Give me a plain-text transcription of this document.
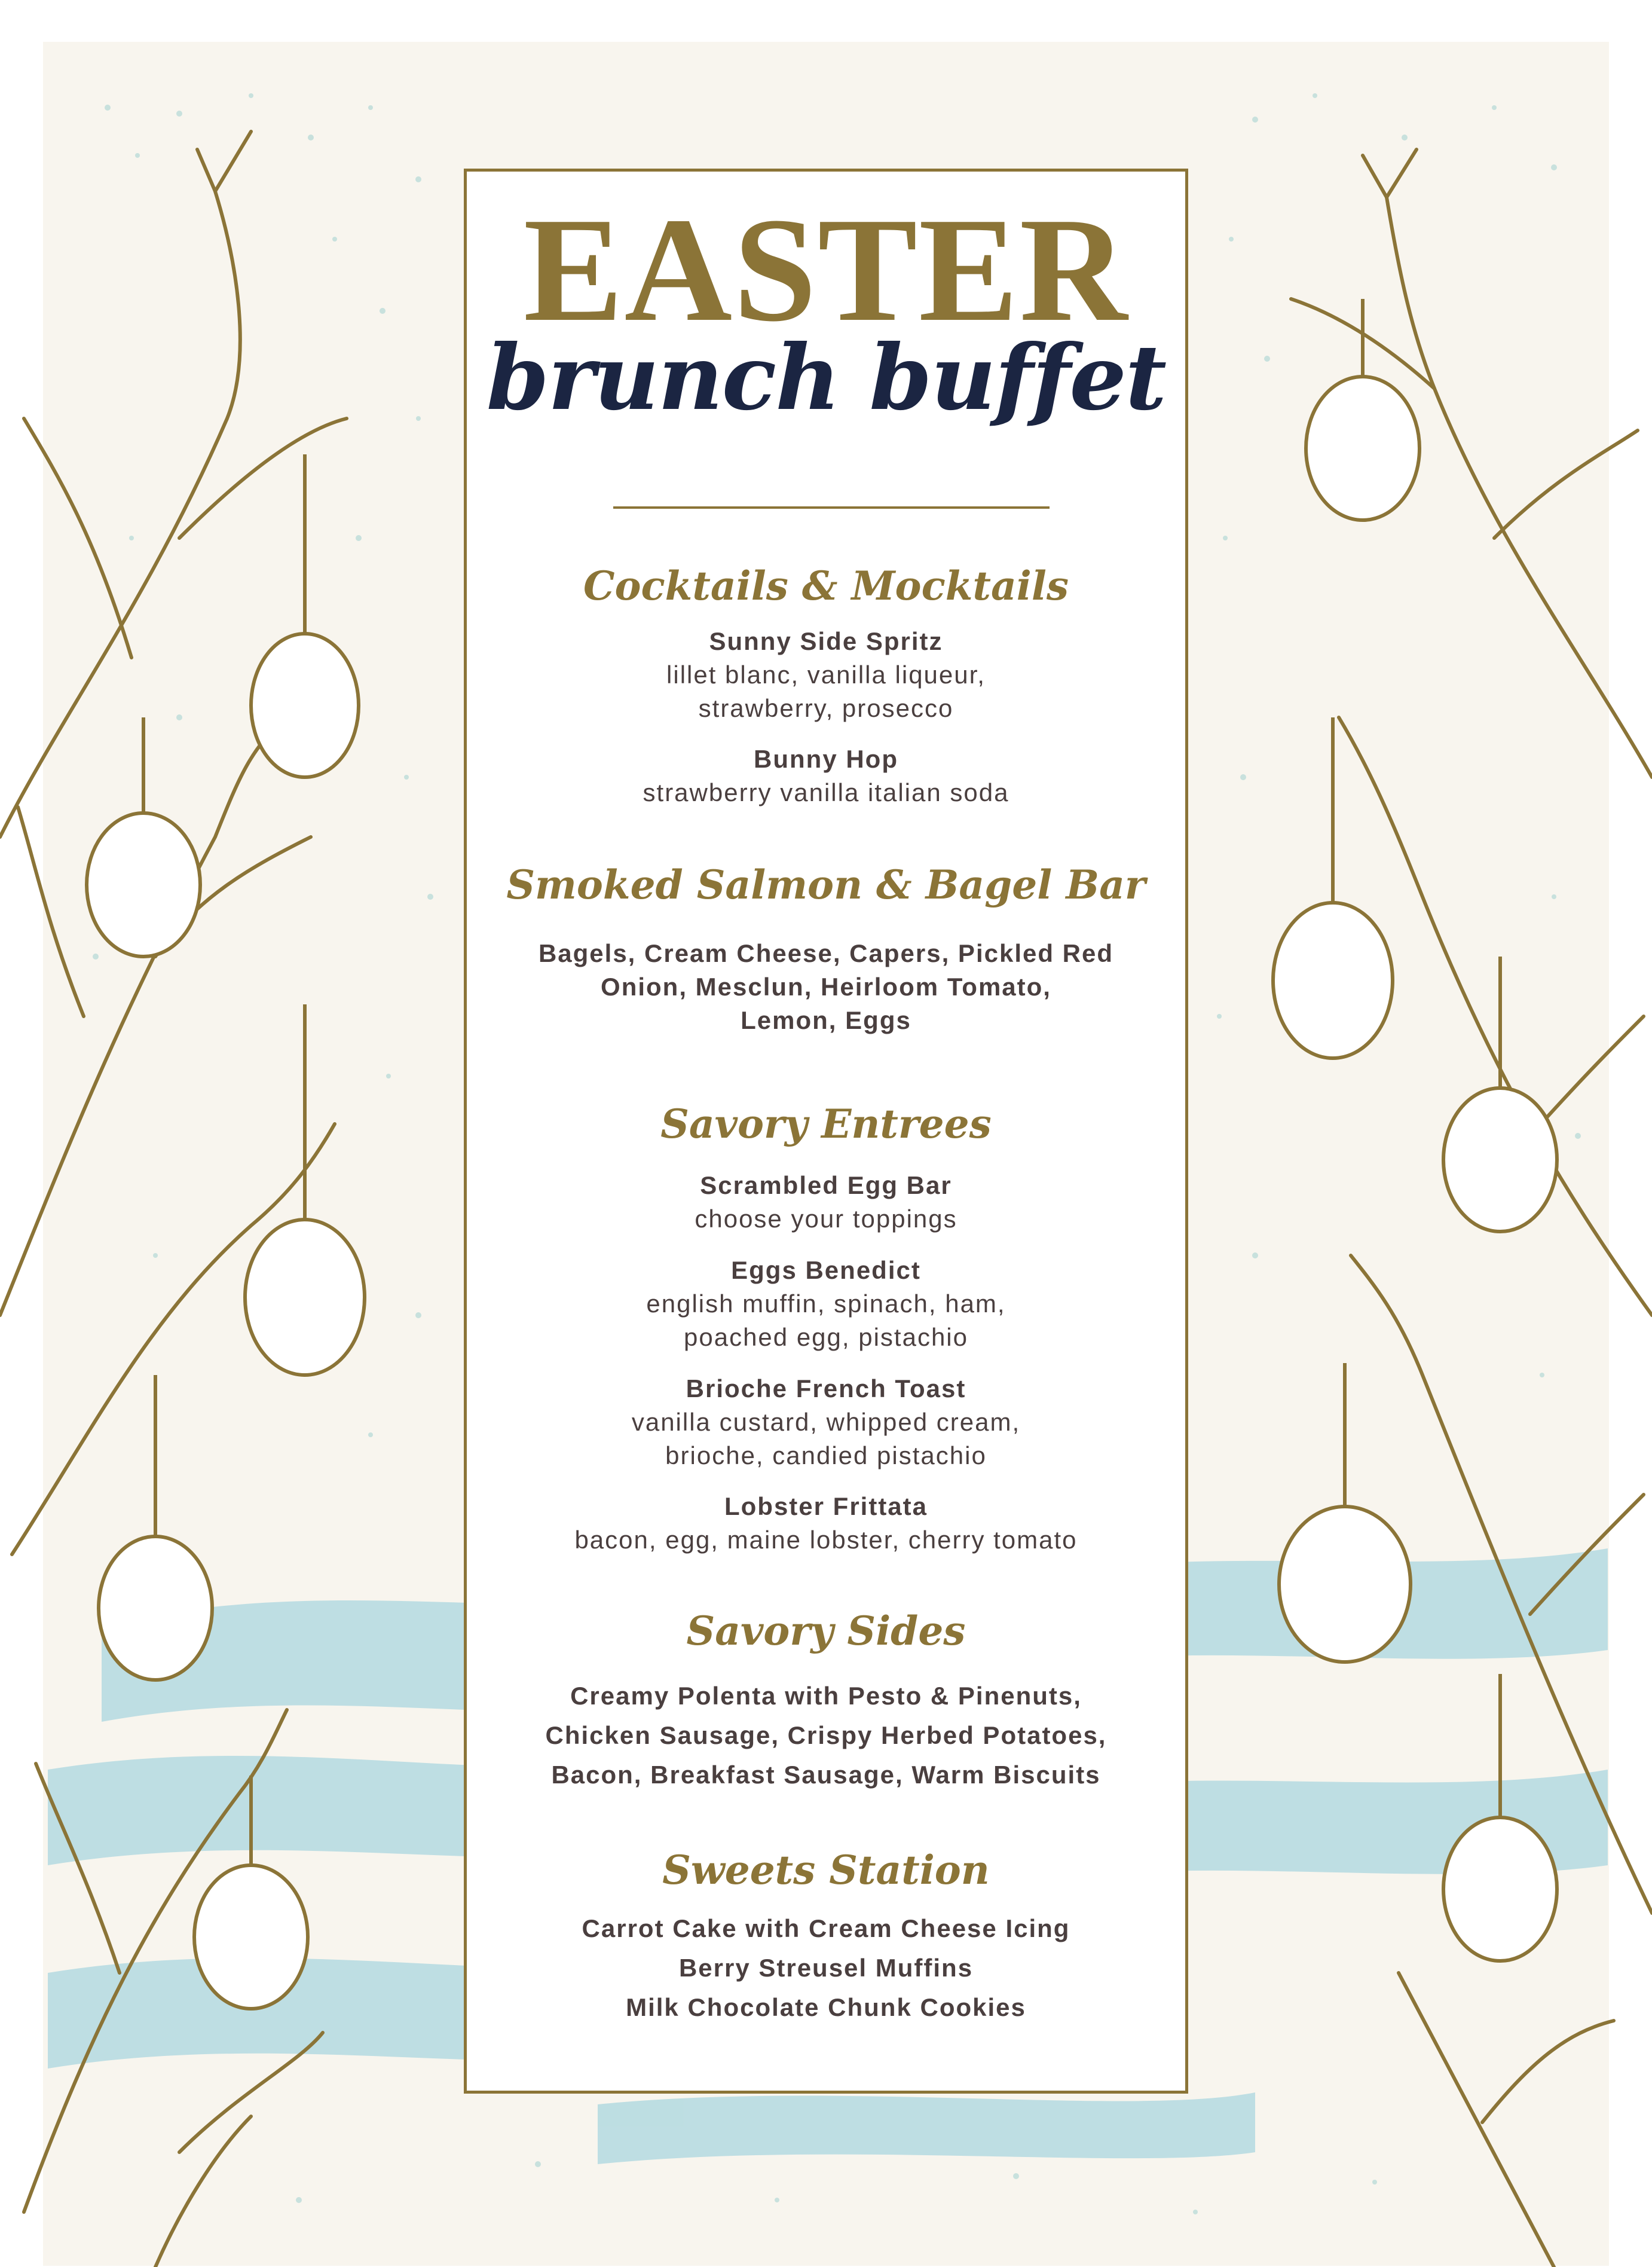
EASTER
brunch buffet
Cocktails & Mocktails
Sunny Side Spritz
lillet blanc, vanilla liqueur,
strawberry, prosecco
Bunny Hop
strawberry vanilla italian soda
Smoked Salmon & Bagel Bar
Bagels, Cream Cheese, Capers, Pickled Red
Onion, Mesclun, Heirloom Tomato,
Lemon, Eggs
Savory Entrees
Scrambled Egg Bar
choose your toppings
Eggs Benedict
english muffin, spinach, ham,
poached egg, pistachio
Brioche French Toast
vanilla custard, whipped cream,
brioche, candied pistachio
Lobster Frittata
bacon, egg, maine lobster, cherry tomato
Savory Sides
Creamy Polenta with Pesto & Pinenuts,
Chicken Sausage, Crispy Herbed Potatoes,
Bacon, Breakfast Sausage, Warm Biscuits
Sweets Station
Carrot Cake with Cream Cheese Icing
Berry Streusel Muffins
Milk Chocolate Chunk Cookies
